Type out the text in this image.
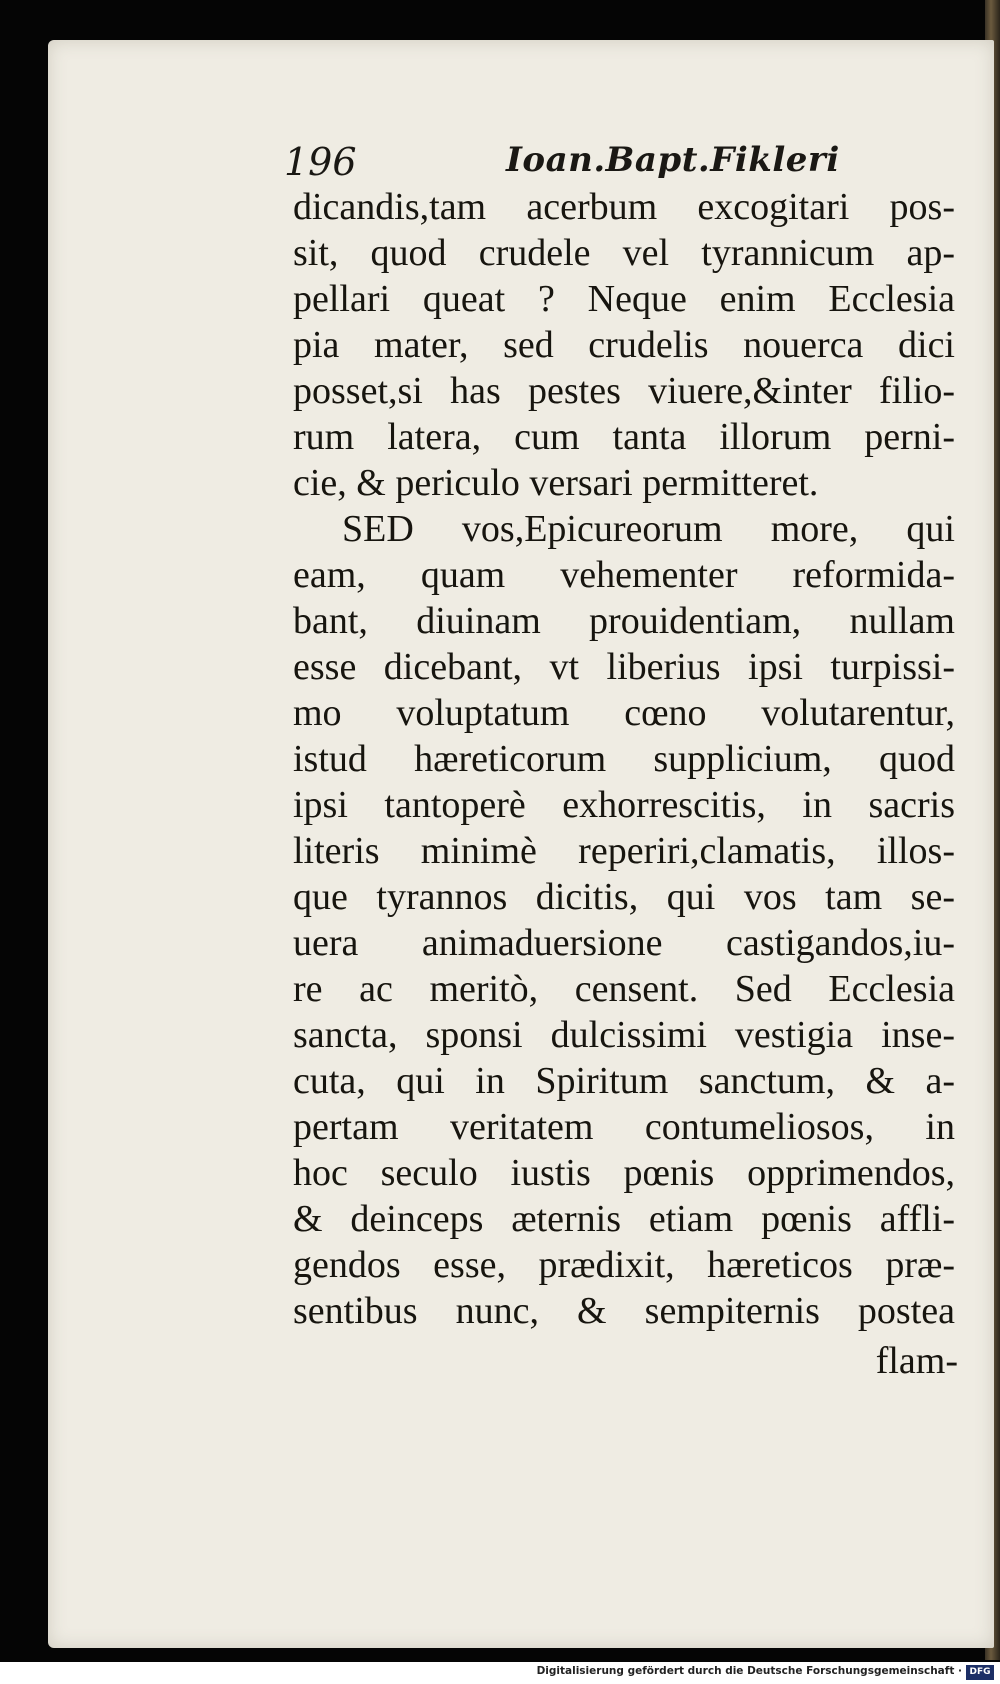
196	Ioan.Bapt.Fikleri
dicandis,tam acerbum excogitari pos-
sit, quod crudele vel tyrannicum ap-
pellari queat ? Neque enim Ecclesia
pia mater, sed crudelis nouerca dici
posset,si has pestes viuere,&inter filio-
rum latera, cum tanta illorum perni-
cie, & periculo versari permitteret.
SED vos,Epicureorum more, qui
eam, quam vehementer reformida-
bant, diuinam prouidentiam, nullam
esse dicebant, vt liberius ipsi turpissi-
mo voluptatum cœno volutarentur,
istud hæreticorum supplicium, quod
ipsi tantoperè exhorrescitis, in sacris
literis minimè reperiri,clamatis, illos-
que tyrannos dicitis, qui vos tam se-
uera animaduersione castigandos,iu-
re ac meritò, censent. Sed Ecclesia
sancta, sponsi dulcissimi vestigia inse-
cuta, qui in Spiritum sanctum, & a-
pertam veritatem contumeliosos, in
hoc seculo iustis pœnis opprimendos,
& deinceps æternis etiam pœnis affli-
gendos esse, prædixit, hæreticos præ-
sentibus nunc, & sempiternis postea
flam-
Digitalisierung gefördert durch die Deutsche Forschungsgemeinschaft · DFG
